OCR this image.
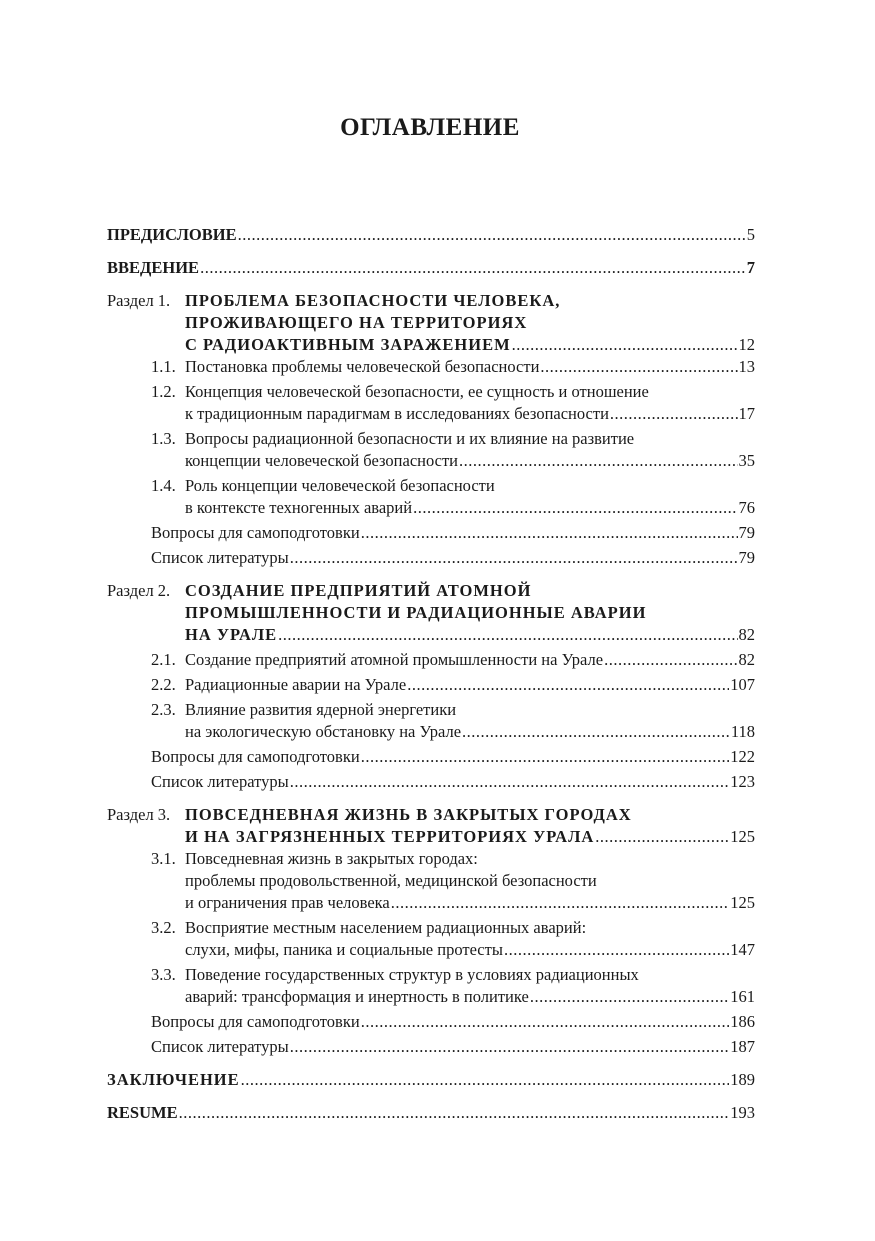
ОГЛАВЛЕНИЕ
ПРЕДИСЛОВИЕ .....	5
ВВЕДЕНИЕ .....	7
Раздел 1. ПРОБЛЕМА БЕЗОПАСНОСТИ ЧЕЛОВЕКА,
ПРОЖИВАЮЩЕГО НА ТЕРРИТОРИЯХ
С РАДИОАКТИВНЫМ ЗАРАЖЕНИЕМ .....	12
1.1. Постановка проблемы человеческой безопасности .....	13
1.2. Концепция человеческой безопасности, ее сущность и отношение
к традиционным парадигмам в исследованиях безопасности .....	17
1.3. Вопросы радиационной безопасности и их влияние на развитие
концепции человеческой безопасности .....	35
1.4. Роль концепции человеческой безопасности
в контексте техногенных аварий .....	76
Вопросы для самоподготовки .....	79
Список литературы .....	79
Раздел 2. СОЗДАНИЕ ПРЕДПРИЯТИЙ АТОМНОЙ
ПРОМЫШЛЕННОСТИ И РАДИАЦИОННЫЕ АВАРИИ
НА УРАЛЕ .....	82
2.1. Создание предприятий атомной промышленности на Урале .....	82
2.2. Радиационные аварии на Урале .....	107
2.3. Влияние развития ядерной энергетики
на экологическую обстановку на Урале .....	118
Вопросы для самоподготовки .....	122
Список литературы .....	123
Раздел 3. ПОВСЕДНЕВНАЯ ЖИЗНЬ В ЗАКРЫТЫХ ГОРОДАХ
И НА ЗАГРЯЗНЕННЫХ ТЕРРИТОРИЯХ УРАЛА .....	125
3.1. Повседневная жизнь в закрытых городах:
проблемы продовольственной, медицинской безопасности
и ограничения прав человека .....	125
3.2. Восприятие местным населением радиационных аварий:
слухи, мифы, паника и социальные протесты .....	147
3.3. Поведение государственных структур в условиях радиационных
аварий: трансформация и инертность в политике .....	161
Вопросы для самоподготовки .....	186
Список литературы .....	187
ЗАКЛЮЧЕНИЕ .....	189
RESUME .....	193
